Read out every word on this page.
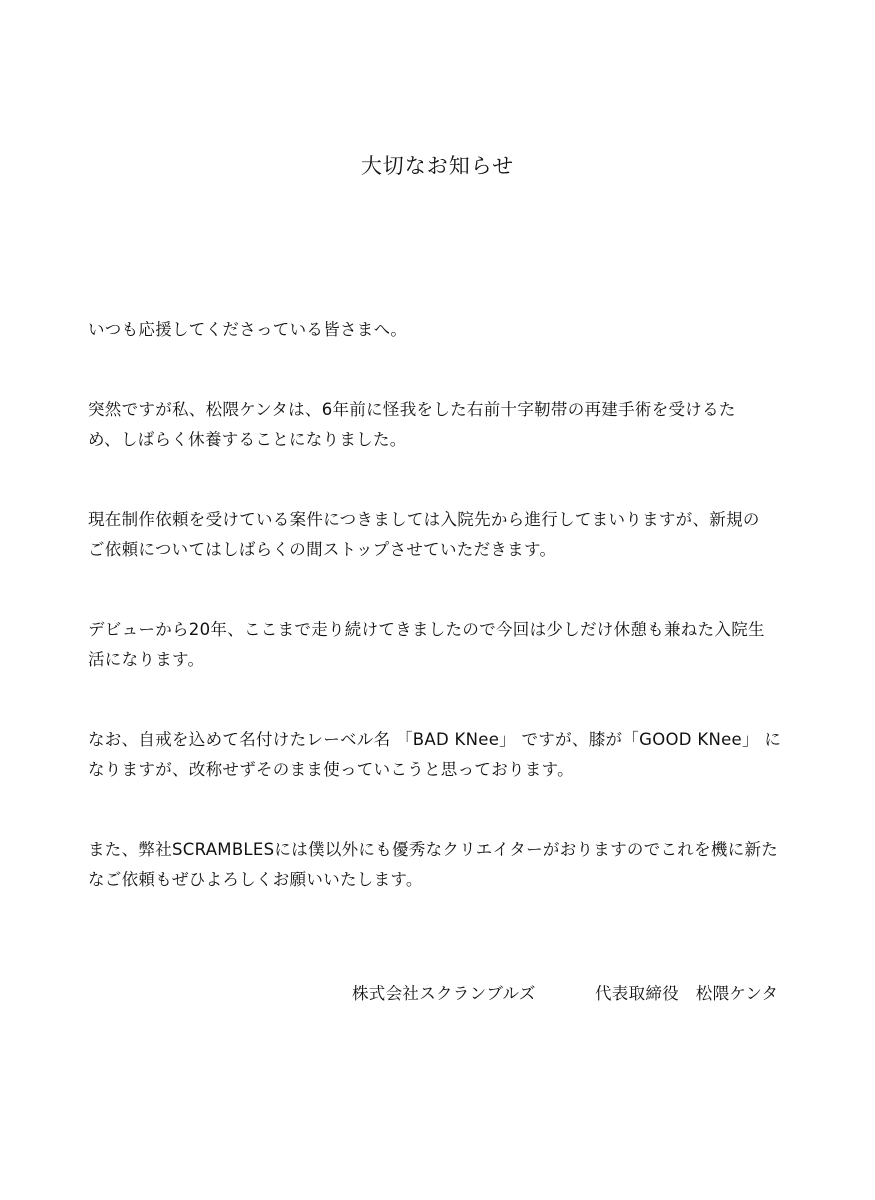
大切なお知らせ
いつも応援してくださっている皆さまへ。
突然ですが私、松隈ケンタは、6年前に怪我をした右前十字靭帯の再建手術を受けるた
め、しばらく休養することになりました。
現在制作依頼を受けている案件につきましては入院先から進行してまいりますが、新規の
ご依頼についてはしばらくの間ストップさせていただきます。
デビューから20年、ここまで走り続けてきましたので今回は少しだけ休憩も兼ねた入院生
活になります。
なお、自戒を込めて名付けたレーベル名 「BAD KNee」 ですが、膝が「GOOD KNee」 に
なりますが、改称せずそのまま使っていこうと思っております。
また、弊社SCRAMBLESには僕以外にも優秀なクリエイターがおりますのでこれを機に新た
なご依頼もぜひよろしくお願いいたします。
株式会社スクランブルズ	代表取締役　松隈ケンタ
